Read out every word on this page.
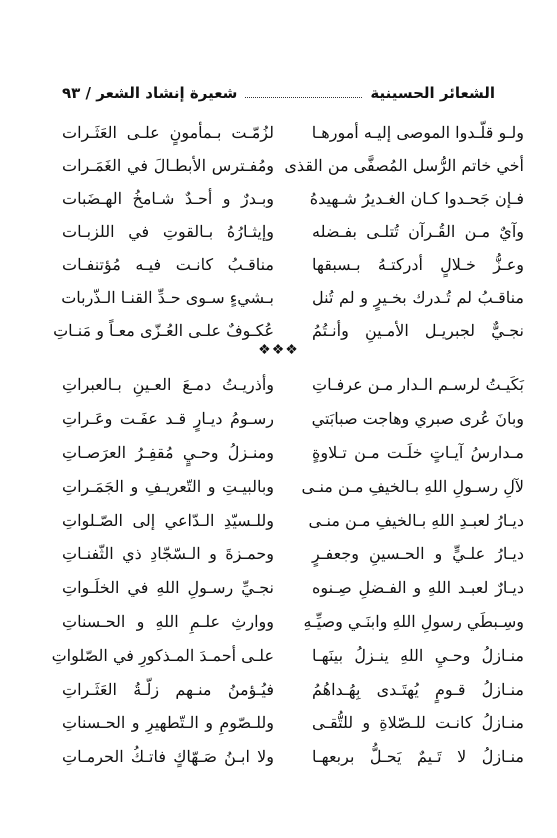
الشعائر الحسينية
شعيرة إنشاد الشعر / ٩٣
ولـو قلّـدوا الموصى إليـه أمورهـا
لزُمّـت بـمأمونٍ علـى العَثَـرات
أخي خاتم الرُّسل المُصفَّى من القذى
ومُفـترس الأبطـالَ في الغَمَـرات
فـإن جَحـدوا كـان الغـديرُ شـهيدهُ
وبـدرٌ و أحـدٌ شـامخُ الهـضَبات
وآيٌ مـن القُـرآن تُتلـى بفـضله
وإيثـارُهُ بـالقوتِ في اللزبـات
وعـزُّ خـلالٍ أدركتـهُ بـسبقها
مناقـبُ كانـت فيـه مُؤتنفـات
مناقـبُ لم تُـدرك بخـيرٍ و لم تُنل
بـشيءٍ سـوى حـدِّ القنـا الـذّربات
نجـيٌّ لجبريـل الأمـينِ وأنـتُمُ
عُكـوفٌ علـى العُـزّى معـاً و مَنـاتِ
❖❖❖
بَكَيـتُ لرسـم الـدار مـن عرفـاتِ
وأذريـتُ دمـعَ العـينِ بـالعبراتِ
وبانَ عُرى صبري وهاجت صبابَتي
رسـومُ ديـارٍ قـد عفَـت وعَـراتِ
مـدارسُ آيـاتٍ خلَـت مـن تـلاوةٍ
ومنـزلُ وحـيٍ مُقفِـرُ العرَصـاتِ
لآلِ رسـولِ اللهِ بـالخيفِ مـن منـى
وبالبيـتِ و التّعريـفِ و الجَمَـراتِ
ديـارُ لعبـدِ اللهِ بـالخيفِ مـن منـى
وللـسيّدِ الـدّاعي إلى الصّـلواتِ
ديـارُ علـيٍّ و الحـسينِ وجعفـرٍ
وحمـزةَ و الـسّجّادِ ذي الثّفنـاتِ
ديـارٌ لعبـد اللهِ و الفـضلِ صِـنوه
نجـيِّ رسـولِ اللهِ في الخلَـواتِ
وسِـبطَي رسولِ اللهِ وابنَـي وصيِّـهِ
ووارثِ علـمِ اللهِ و الحـسناتِ
منـازلُ وحـيِ اللهِ ينـزلُ بينَهـا
علـى أحمـدَ المـذكورِ في الصّلواتِ
منـازلُ قـومٍ يُهتَـدى بِهُـداهُمُ
فيُـؤمنُ منـهم زلّـةُ العَثَـراتِ
منـازلُ كانـت للـصّلاةِ و للتُّقـى
وللـصّومِ و الـتّطهيرِ و الحـسناتِ
منـازلُ لا تَـيمٌ يَحـلُّ بربعهـا
ولا ابـنُ صَـهّاكٍ فاتـكُ الحرمـاتِ
